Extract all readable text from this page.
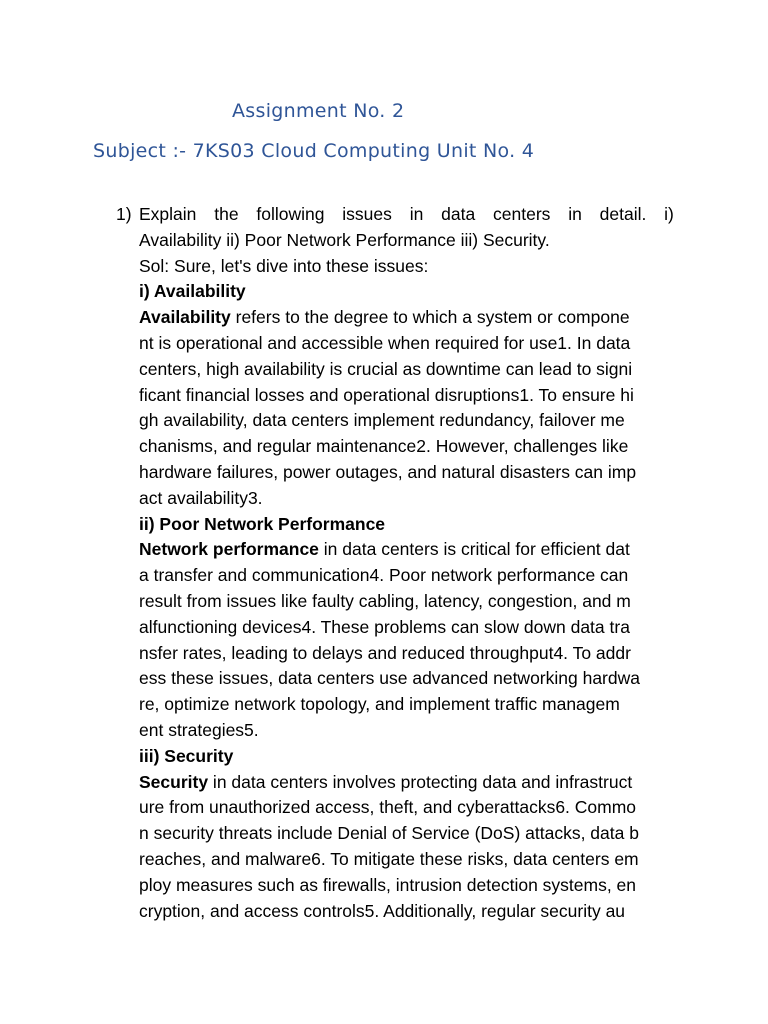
Assignment No. 2
Subject :- 7KS03 Cloud Computing Unit No. 4
1) Explain the following issues in data centers in detail. i)
Availability ii) Poor Network Performance iii) Security.
Sol: Sure, let's dive into these issues:
i) Availability
Availability refers to the degree to which a system or compone
nt is operational and accessible when required for use1. In data
centers, high availability is crucial as downtime can lead to signi
ficant financial losses and operational disruptions1. To ensure hi
gh availability, data centers implement redundancy, failover me
chanisms, and regular maintenance2. However, challenges like
hardware failures, power outages, and natural disasters can imp
act availability3.
ii) Poor Network Performance
Network performance in data centers is critical for efficient dat
a transfer and communication4. Poor network performance can
result from issues like faulty cabling, latency, congestion, and m
alfunctioning devices4. These problems can slow down data tra
nsfer rates, leading to delays and reduced throughput4. To addr
ess these issues, data centers use advanced networking hardwa
re, optimize network topology, and implement traffic managem
ent strategies5.
iii) Security
Security in data centers involves protecting data and infrastruct
ure from unauthorized access, theft, and cyberattacks6. Commo
n security threats include Denial of Service (DoS) attacks, data b
reaches, and malware6. To mitigate these risks, data centers em
ploy measures such as firewalls, intrusion detection systems, en
cryption, and access controls5. Additionally, regular security au
